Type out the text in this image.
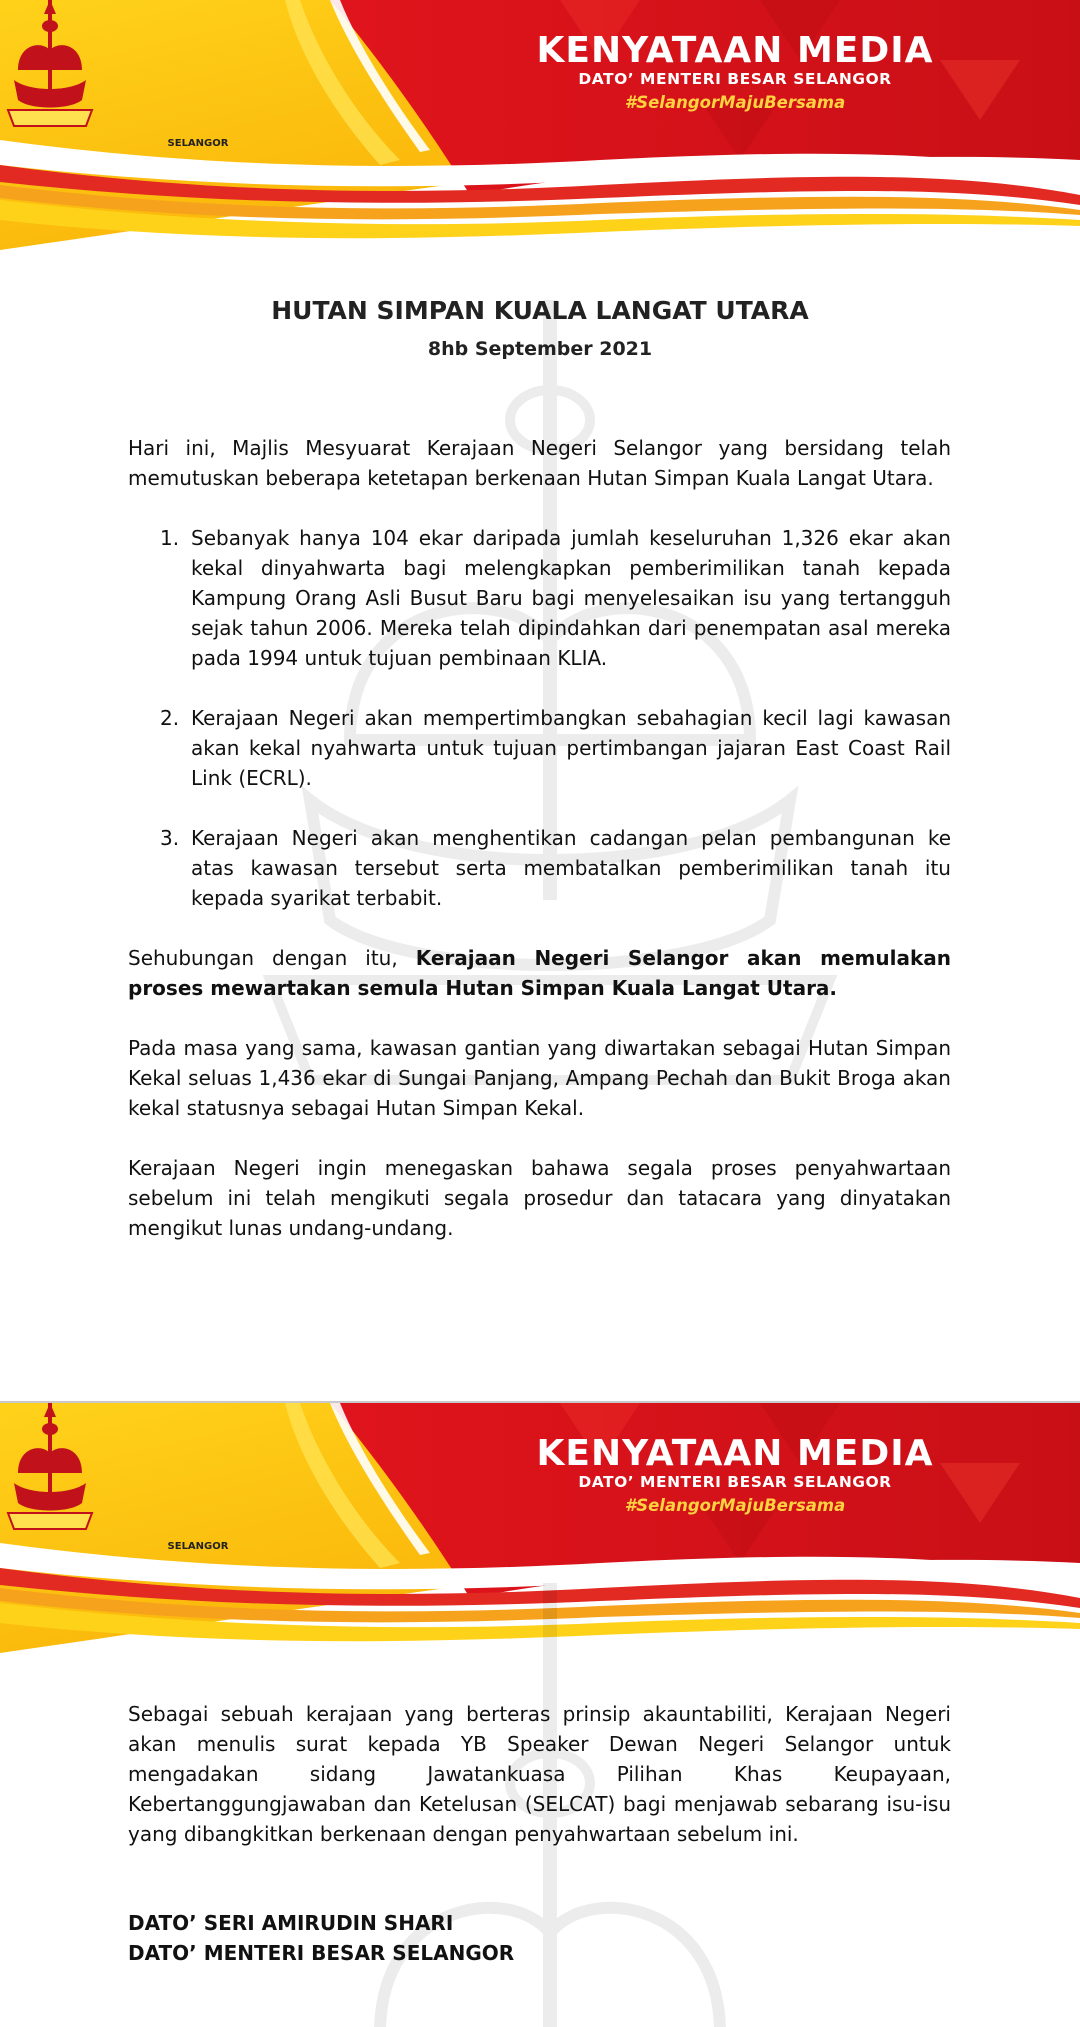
SELANGOR
KENYATAAN MEDIA
DATO’ MENTERI BESAR SELANGOR
#SelangorMajuBersama
HUTAN SIMPAN KUALA LANGAT UTARA
8hb September 2021

Hari ini, Majlis Mesyuarat Kerajaan Negeri Selangor yang bersidang telah memutuskan beberapa ketetapan berkenaan Hutan Simpan Kuala Langat Utara.

1. Sebanyak hanya 104 ekar daripada jumlah keseluruhan 1,326 ekar akan kekal dinyahwarta bagi melengkapkan pemberimilikan tanah kepada Kampung Orang Asli Busut Baru bagi menyelesaikan isu yang tertangguh sejak tahun 2006. Mereka telah dipindahkan dari penempatan asal mereka pada 1994 untuk tujuan pembinaan KLIA.
2. Kerajaan Negeri akan mempertimbangkan sebahagian kecil lagi kawasan akan kekal nyahwarta untuk tujuan pertimbangan jajaran East Coast Rail Link (ECRL).
3. Kerajaan Negeri akan menghentikan cadangan pelan pembangunan ke atas kawasan tersebut serta membatalkan pemberimilikan tanah itu kepada syarikat terbabit.

Sehubungan dengan itu, Kerajaan Negeri Selangor akan memulakan proses mewartakan semula Hutan Simpan Kuala Langat Utara.

Pada masa yang sama, kawasan gantian yang diwartakan sebagai Hutan Simpan Kekal seluas 1,436 ekar di Sungai Panjang, Ampang Pechah dan Bukit Broga akan kekal statusnya sebagai Hutan Simpan Kekal.

Kerajaan Negeri ingin menegaskan bahawa segala proses penyahwartaan sebelum ini telah mengikuti segala prosedur dan tatacara yang dinyatakan mengikut lunas undang-undang.

SELANGOR
KENYATAAN MEDIA
DATO’ MENTERI BESAR SELANGOR
#SelangorMajuBersama

Sebagai sebuah kerajaan yang berteras prinsip akauntabiliti, Kerajaan Negeri akan menulis surat kepada YB Speaker Dewan Negeri Selangor untuk mengadakan sidang Jawatankuasa Pilihan Khas Keupayaan, Kebertanggungjawaban dan Ketelusan (SELCAT) bagi menjawab sebarang isu-isu yang dibangkitkan berkenaan dengan penyahwartaan sebelum ini.

DATO’ SERI AMIRUDIN SHARI
DATO’ MENTERI BESAR SELANGOR
